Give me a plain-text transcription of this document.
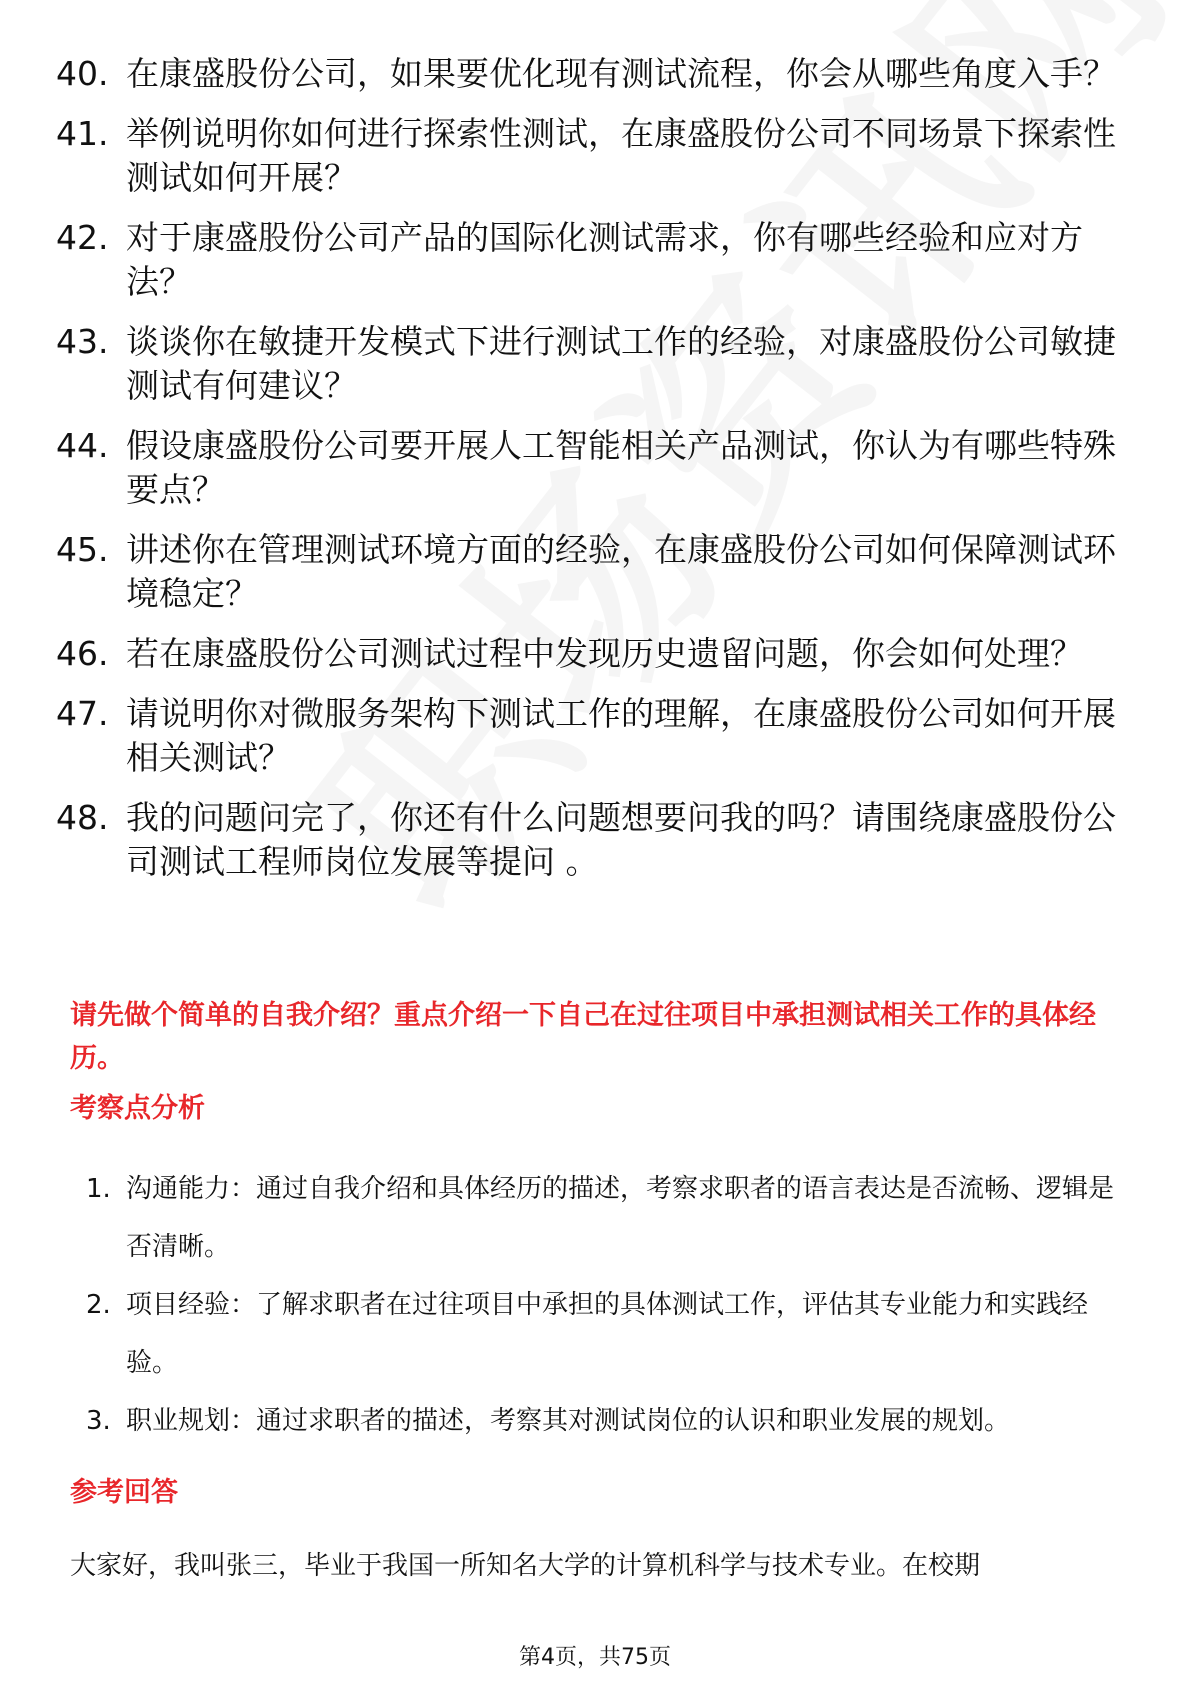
40. 在康盛股份公司，如果要优化现有测试流程，你会从哪些角度入手？
41. 举例说明你如何进行探索性测试，在康盛股份公司不同场景下探索性测试如何开展？
42. 对于康盛股份公司产品的国际化测试需求，你有哪些经验和应对方法？
43. 谈谈你在敏捷开发模式下进行测试工作的经验，对康盛股份公司敏捷测试有何建议？
44. 假设康盛股份公司要开展人工智能相关产品测试，你认为有哪些特殊要点？
45. 讲述你在管理测试环境方面的经验，在康盛股份公司如何保障测试环境稳定？
46. 若在康盛股份公司测试过程中发现历史遗留问题，你会如何处理？
47. 请说明你对微服务架构下测试工作的理解，在康盛股份公司如何开展相关测试？
48. 我的问题问完了，你还有什么问题想要问我的吗？请围绕康盛股份公司测试工程师岗位发展等提问 。
请先做个简单的自我介绍？重点介绍一下自己在过往项目中承担测试相关工作的具体经历。
考察点分析
1. 沟通能力：通过自我介绍和具体经历的描述，考察求职者的语言表达是否流畅、逻辑是否清晰。
2. 项目经验：了解求职者在过往项目中承担的具体测试工作，评估其专业能力和实践经验。
3. 职业规划：通过求职者的描述，考察其对测试岗位的认识和职业发展的规划。
参考回答
大家好，我叫张三，毕业于我国一所知名大学的计算机科学与技术专业。在校期
第4页，共75页
